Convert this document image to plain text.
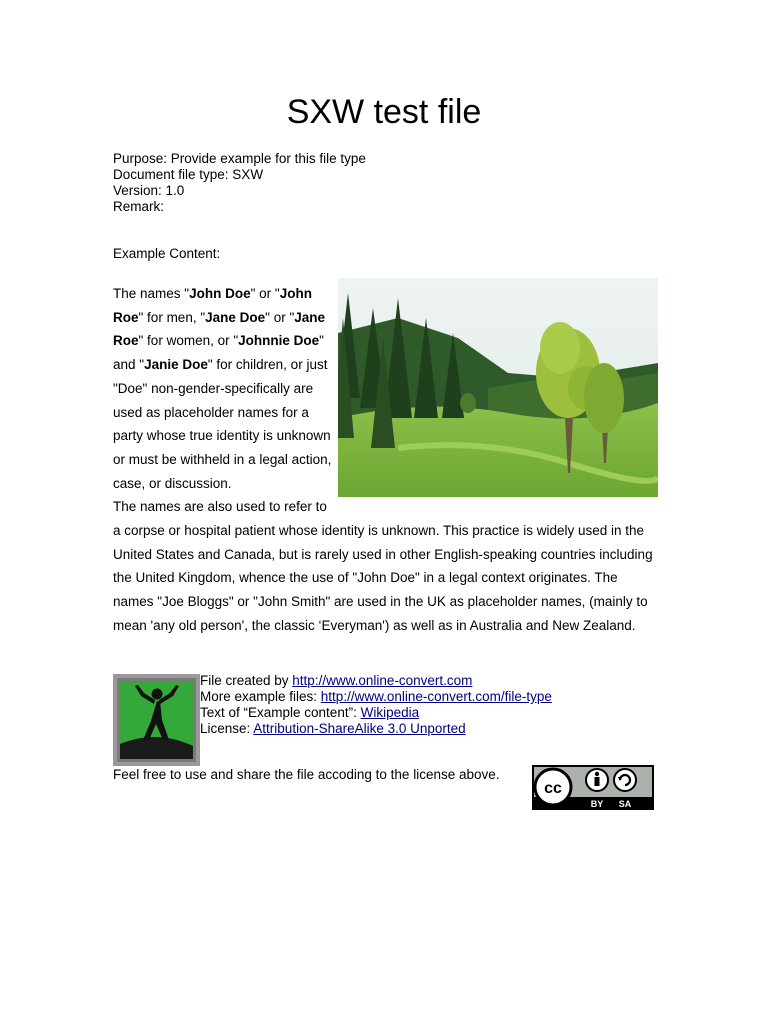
SXW test file
Purpose: Provide example for this file type
Document file type: SXW
Version: 1.0
Remark:
Example Content:

The names "John Doe" or "John Roe" for men, "Jane Doe" or "Jane Roe" for women, or "Johnnie Doe" and "Janie Doe" for children, or just "Doe" non-gender-specifically are used as placeholder names for a party whose true identity is unknown or must be withheld in a legal action, case, or discussion.

The names are also used to refer to a corpse or hospital patient whose identity is unknown. This practice is widely used in the United States and Canada, but is rarely used in other English-speaking countries including the United Kingdom, whence the use of "John Doe" in a legal context originates. The names "Joe Bloggs" or "John Smith" are used in the UK as placeholder names, (mainly to mean 'any old person', the classic ‘Everyman') as well as in Australia and New Zealand.

File created by http://www.online-convert.com
More example files: http://www.online-convert.com/file-type
Text of “Example content”: Wikipedia
License: Attribution-ShareAlike 3.0 Unported
Feel free to use and share the file accoding to the license above.
cc
BY SA
